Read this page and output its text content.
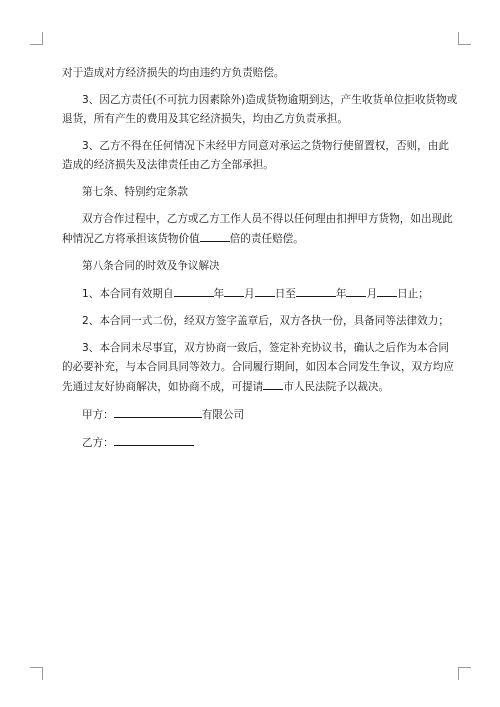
对于造成对方经济损失的均由违约方负责赔偿。

3、因乙方责任(不可抗力因素除外)造成货物逾期到达，产生收货单位拒收货物或
退货，所有产生的费用及其它经济损失，均由乙方负责承担。

3、乙方不得在任何情况下未经甲方同意对承运之货物行使留置权，否则，由此
造成的经济损失及法律责任由乙方全部承担。

第七条、特别约定条款

双方合作过程中，乙方或乙方工作人员不得以任何理由扣押甲方货物，如出现此
种情况乙方将承担该货物价值	倍的责任赔偿。

第八条合同的时效及争议解决

1、本合同有效期自	年 月 日至	年 月 日止；

2、本合同一式二份，经双方签字盖章后，双方各执一份，具备同等法律效力；

3、本合同未尽事宜，双方协商一致后，签定补充协议书，确认之后作为本合同
的必要补充，与本合同具同等效力。合同履行期间，如因本合同发生争议，双方均应
先通过友好协商解决，如协商不成，可提请 市人民法院予以裁决。

甲方：	有限公司

乙方：
